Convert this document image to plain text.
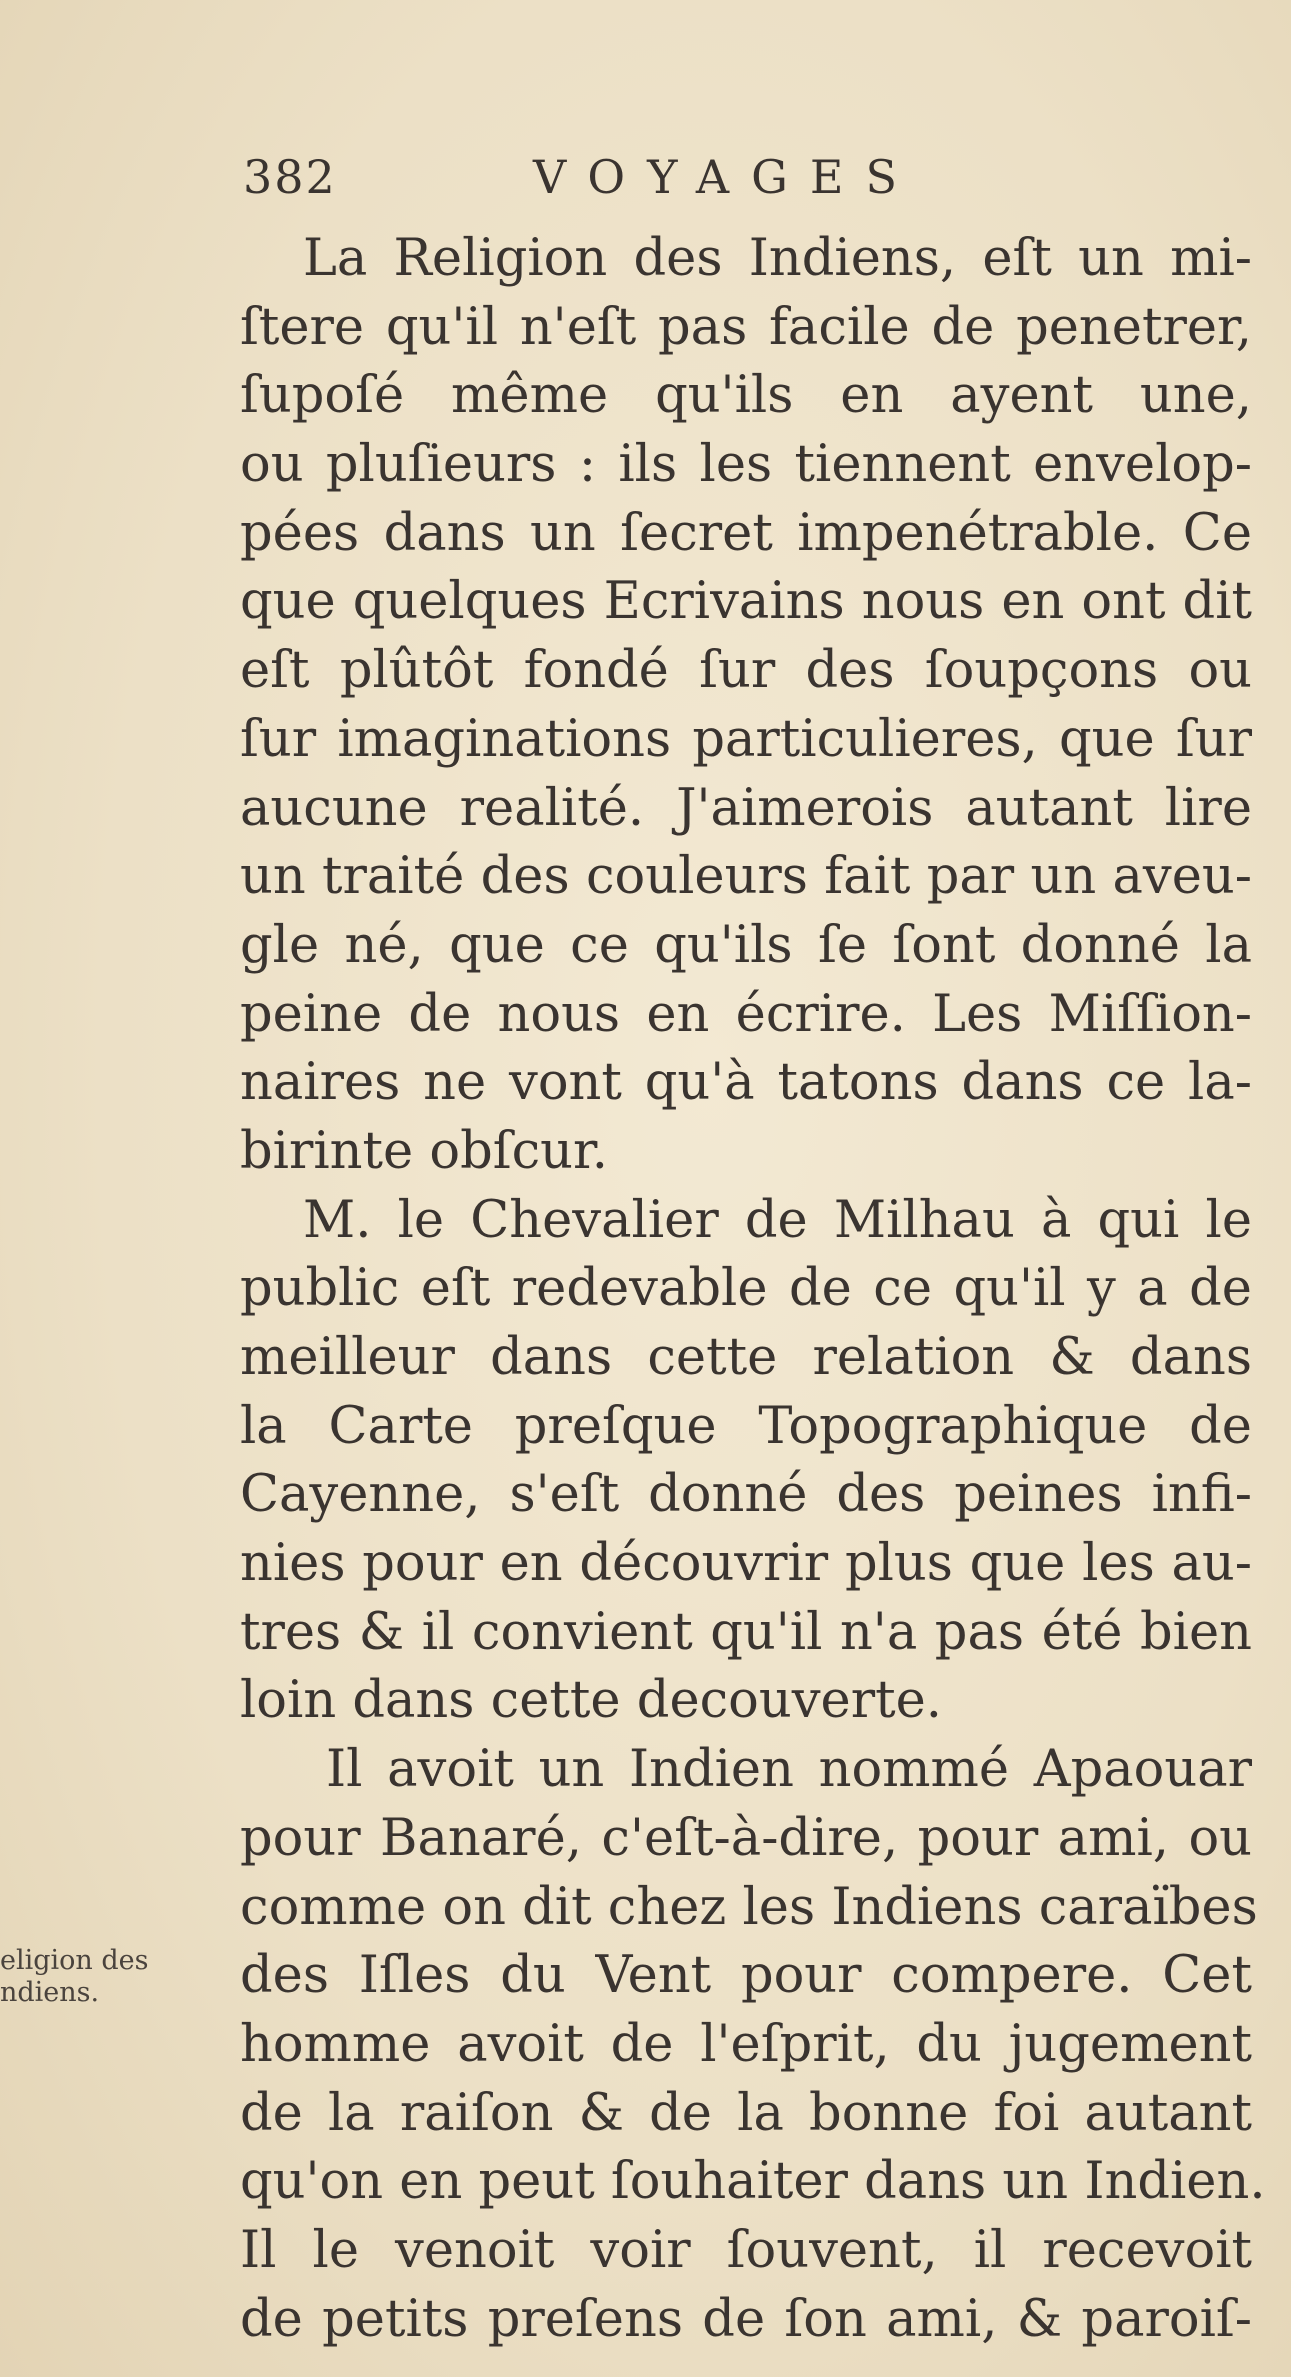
382	VOYAGES
eligion des
ndiens.
La Religion des Indiens, eſt un mi-
ſtere qu'il n'eſt pas facile de penetrer,
ſupoſé même qu'ils en ayent une,
ou pluſieurs : ils les tiennent envelop-
pées dans un ſecret impenétrable. Ce
que quelques Ecrivains nous en ont dit
eſt plûtôt fondé ſur des ſoupçons ou
ſur imaginations particulieres, que ſur
aucune realité. J'aimerois autant lire
un traité des couleurs fait par un aveu-
gle né, que ce qu'ils ſe ſont donné la
peine de nous en écrire. Les Miſſion-
naires ne vont qu'à tatons dans ce la-
birinte obſcur.
M. le Chevalier de Milhau à qui le
public eſt redevable de ce qu'il y a de
meilleur dans cette relation & dans
la Carte preſque Topographique de
Cayenne, s'eſt donné des peines infi-
nies pour en découvrir plus que les au-
tres & il convient qu'il n'a pas été bien
loin dans cette decouverte.
Il avoit un Indien nommé Apaouar
pour Banaré, c'eſt-à-dire, pour ami, ou
comme on dit chez les Indiens caraïbes
des Iſles du Vent pour compere. Cet
homme avoit de l'eſprit, du jugement
de la raiſon & de la bonne foi autant
qu'on en peut ſouhaiter dans un Indien.
Il le venoit voir ſouvent, il recevoit
de petits preſens de ſon ami, & paroiſ-
